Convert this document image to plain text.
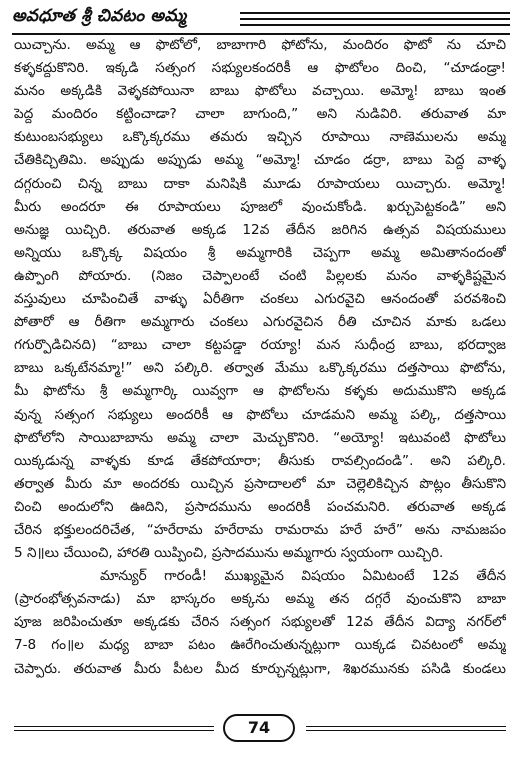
అవధూత శ్రీ చివటం అమ్మ
యిచ్చాను. అమ్మ ఆ ఫొటోలో, బాబాగారి ఫోటోను, మందిరం ఫొటో ను చూచి
కళ్ళకద్దుకొనిరి. ఇక్కడి సత్సంగ సభ్యులకందరికీ ఆ ఫొటోలం దించి, “చూడండ్రా!
మనం అక్కడికి వెళ్ళకపోయినా బాబు ఫొటోలు వచ్చాయి. అమ్మో! బాబు ఇంత
పెద్ద మందిరం కట్టించాడా? చాలా బాగుంది,” అని నుడివిరి. తరువాత మా
కుటుంబసభ్యులు ఒక్కొక్కరము తమరు ఇచ్చిన రూపాయి నాణెములను అమ్మ
చేతికిచ్చితిమి. అప్పుడు అప్పుడు అమ్మ “అమ్మో! చూడం డర్రా, బాబు పెద్ద వాళ్ళ
దగ్గరుంచి చిన్న బాబు దాకా మనిషికి మూడు రూపాయలు యిచ్చారు. అమ్మో!
మీరు అందరూ ఈ రూపాయలు పూజలో వుంచుకోండి. ఖర్చుపెట్టకండి” అని
అనుజ్ఞ యిచ్చిరి. తరువాత అక్కడ 12వ తేదీన జరిగిన ఉత్సవ విషయములు
అన్నియు ఒక్కొక్క విషయం శ్రీ అమ్మగారికి చెప్పగా అమ్మ అమితానందంతో
ఉప్పొంగి పోయారు. (నిజం చెప్పాలంటే చంటి పిల్లలకు మనం వాళ్ళకిష్టమైన
వస్తువులు చూపించితే వాళ్ళు ఏరీతిగా చంకలు ఎగురవైచి ఆనందంతో పరవశించి
పోతారో ఆ రీతిగా అమ్మగారు చంకలు ఎగురవైచిన రీతి చూచిన మాకు ఒడలు
గగుర్పొడిచినది) “బాబు చాలా కట్టపడ్డా రయ్యా! మన సుధీంద్ర బాబు, భరద్వాజ
బాబు ఒక్కటేనమ్మా!” అని పల్కిరి. తర్వాత మేము ఒక్కొక్కరము దత్తసాయి ఫొటోను,
మీ ఫొటోను శ్రీ అమ్మగార్కి యివ్వగా ఆ ఫొటోలను కళ్ళకు అదుముకొని అక్కడ
వున్న సత్సంగ సభ్యులు అందరికీ ఆ ఫొటోలు చూడమని అమ్మ పల్కి, దత్తసాయి
ఫొటోలోని సాయిబాబాను అమ్మ చాలా మెచ్చుకొనిరి. “అయ్యో! ఇటువంటి ఫొటోలు
యిక్కడున్న వాళ్ళకు కూడ తేకపోయారా; తీసుకు రావల్సిందండి”. అని పల్కిరి.
తర్వాత మీరు మా అందరకు యిచ్చిన ప్రసాదాలలో మా చెల్లెలికిచ్చిన పొట్లం తీసుకొని
చించి అందులోని ఊదిని, ప్రసాదమును అందరికీ పంచమనిరి. తరువాత అక్కడ
చేరిన భక్తులందరిచేత, “హరేరామ హరేరామ రామరామ హరే హరే” అను నామజపం
5 ని॥లు చేయించి, హారతి యిప్పించి, ప్రసాదమును అమ్మగారు స్వయంగా యిచ్చిరి.
మాన్యుర్ గారండీ! ముఖ్యమైన విషయం ఏమిటంటే 12వ తేదీన
(ప్రారంభోత్సవనాడు) మా భాస్కరం అక్కను అమ్మ తన దగ్గరే వుంచుకొని బాబా
పూజ జరిపించుతూ అక్కడకు చేరిన సత్సంగ సభ్యులతో 12వ తేదీన విద్యా నగర్‌లో
7-8 గం॥ల మధ్య బాబా పటం ఊరేగించుతున్నట్లుగా యిక్కడ చివటంలో అమ్మ
చెప్పారు. తరువాత మీరు పీటల మీద కూర్చున్నట్లుగా, శిఖరమునకు పసిడి కుండలు
74
